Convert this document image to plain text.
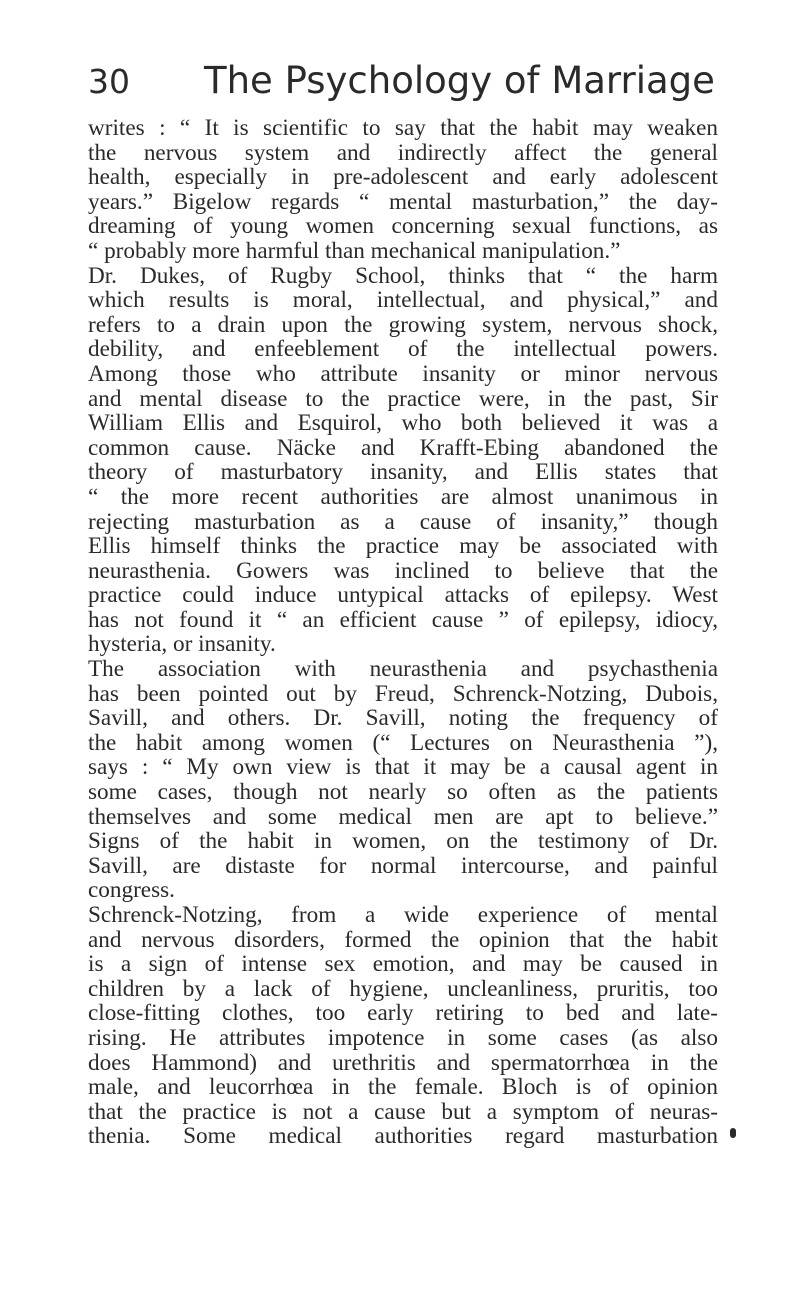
30 The Psychology of Marriage
writes : “ It is scientific to say that the habit may weaken
the nervous system and indirectly affect the general
health, especially in pre-adolescent and early adolescent
years.” Bigelow regards “ mental masturbation,” the day-
dreaming of young women concerning sexual functions, as
“ probably more harmful than mechanical manipulation.”
Dr. Dukes, of Rugby School, thinks that “ the harm
which results is moral, intellectual, and physical,” and
refers to a drain upon the growing system, nervous shock,
debility, and enfeeblement of the intellectual powers.
Among those who attribute insanity or minor nervous
and mental disease to the practice were, in the past, Sir
William Ellis and Esquirol, who both believed it was a
common cause. Näcke and Krafft-Ebing abandoned the
theory of masturbatory insanity, and Ellis states that
“ the more recent authorities are almost unanimous in
rejecting masturbation as a cause of insanity,” though
Ellis himself thinks the practice may be associated with
neurasthenia. Gowers was inclined to believe that the
practice could induce untypical attacks of epilepsy. West
has not found it “ an efficient cause ” of epilepsy, idiocy,
hysteria, or insanity.
The association with neurasthenia and psychasthenia
has been pointed out by Freud, Schrenck-Notzing, Dubois,
Savill, and others. Dr. Savill, noting the frequency of
the habit among women (“ Lectures on Neurasthenia ”),
says : “ My own view is that it may be a causal agent in
some cases, though not nearly so often as the patients
themselves and some medical men are apt to believe.”
Signs of the habit in women, on the testimony of Dr.
Savill, are distaste for normal intercourse, and painful
congress.
Schrenck-Notzing, from a wide experience of mental
and nervous disorders, formed the opinion that the habit
is a sign of intense sex emotion, and may be caused in
children by a lack of hygiene, uncleanliness, pruritis, too
close-fitting clothes, too early retiring to bed and late-
rising. He attributes impotence in some cases (as also
does Hammond) and urethritis and spermatorrhœa in the
male, and leucorrhœa in the female. Bloch is of opinion
that the practice is not a cause but a symptom of neuras-
thenia. Some medical authorities regard masturbation
